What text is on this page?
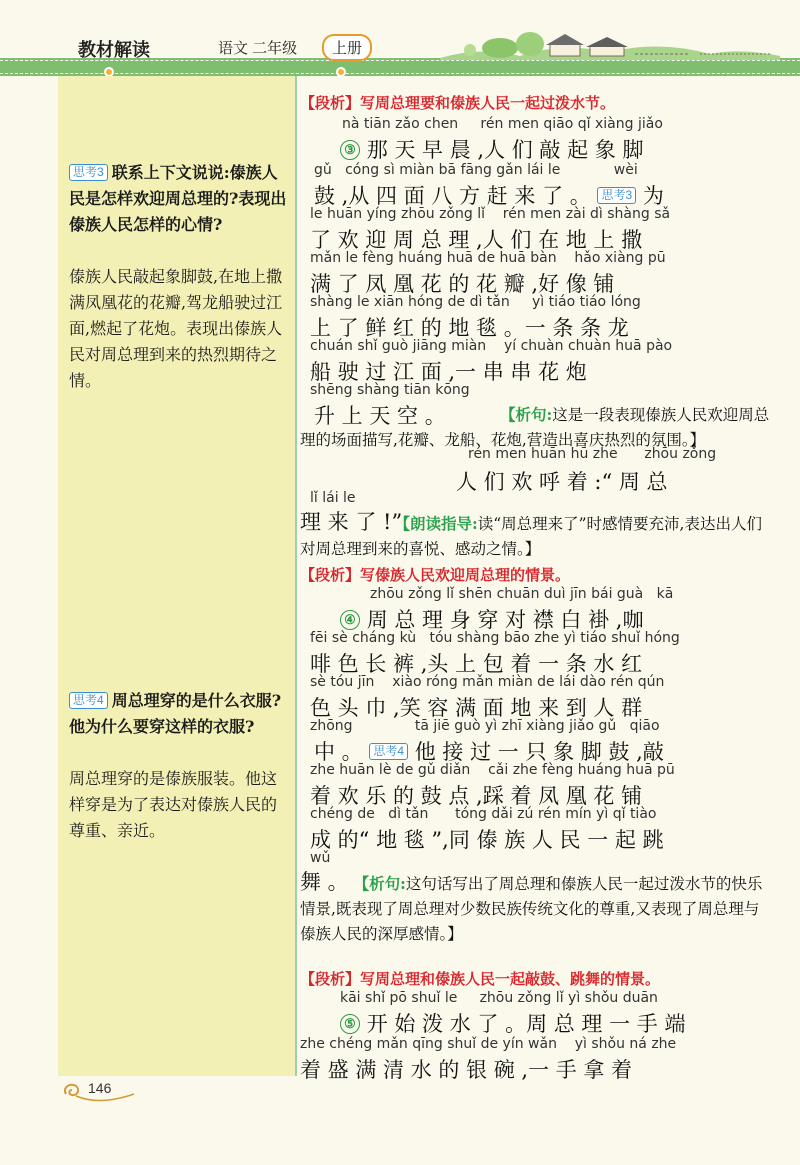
教材解读	语文 二年级	上册
思考3 联系上下文说说:傣族人民是怎样欢迎周总理的?表现出傣族人民怎样的心情?
傣族人民敲起象脚鼓,在地上撒满凤凰花的花瓣,驾龙船驶过江面,燃起了花炮。表现出傣族人民对周总理到来的热烈期待之情。
思考4 周总理穿的是什么衣服?他为什么要穿这样的衣服?
周总理穿的是傣族服装。他这样穿是为了表达对傣族人民的尊重、亲近。
【段析】写周总理要和傣族人民一起过泼水节。
nà tiān zǎo chen     rén men qiāo qǐ xiàng jiǎo
③ 那 天 早 晨 ,人 们 敲 起 象 脚
gǔ   cóng sì miàn bā fāng gǎn lái le            wèi
鼓 ,从 四 面 八 方 赶 来 了 。 思考3 为
le huān yíng zhōu zǒng lǐ    rén men zài dì shàng sǎ
了 欢 迎 周 总 理 ,人 们 在 地 上 撒
mǎn le fèng huáng huā de huā bàn    hǎo xiàng pū
满 了 凤 凰 花 的 花 瓣 ,好 像 铺
shàng le xiān hóng de dì tǎn     yì tiáo tiáo lóng
上 了 鲜 红 的 地 毯 。一 条 条 龙
chuán shǐ guò jiāng miàn    yí chuàn chuàn huā pào
船 驶 过 江 面 ,一 串 串 花 炮
shēng shàng tiān kōng
升 上 天 空 。	【析句:这是一段表现傣族人民欢迎周总理的场面描写,花瓣、龙船、花炮,营造出喜庆热烈的氛围。】
rén men huān hū zhe      zhōu zǒng
人 们 欢 呼 着 :“ 周 总
lǐ lái le
理 来 了 !”【朗读指导:读“周总理来了”时感情要充沛,表达出人们对周总理到来的喜悦、感动之情。】
【段析】写傣族人民欢迎周总理的情景。
zhōu zǒng lǐ shēn chuān duì jīn bái guà   kā
④ 周 总 理 身 穿 对 襟 白 褂 ,咖
fēi sè cháng kù   tóu shàng bāo zhe yì tiáo shuǐ hóng
啡 色 长 裤 ,头 上 包 着 一 条 水 红
sè tóu jīn    xiào róng mǎn miàn de lái dào rén qún
色 头 巾 ,笑 容 满 面 地 来 到 人 群
zhōng              tā jiē guò yì zhī xiàng jiǎo gǔ   qiāo
中 。 思考4 他 接 过 一 只 象 脚 鼓 ,敲
zhe huān lè de gǔ diǎn    cǎi zhe fèng huáng huā pū
着 欢 乐 的 鼓 点 ,踩 着 凤 凰 花 铺
chéng de   dì tǎn      tóng dǎi zú rén mín yì qǐ tiào
成 的“ 地 毯 ”,同 傣 族 人 民 一 起 跳
wǔ
舞 。 【析句:这句话写出了周总理和傣族人民一起过泼水节的快乐情景,既表现了周总理对少数民族传统文化的尊重,又表现了周总理与傣族人民的深厚感情。】
【段析】写周总理和傣族人民一起敲鼓、跳舞的情景。
kāi shǐ pō shuǐ le     zhōu zǒng lǐ yì shǒu duān
⑤ 开 始 泼 水 了 。周 总 理 一 手 端
zhe chéng mǎn qīng shuǐ de yín wǎn    yì shǒu ná zhe
着 盛 满 清 水 的 银 碗 ,一 手 拿 着
146
